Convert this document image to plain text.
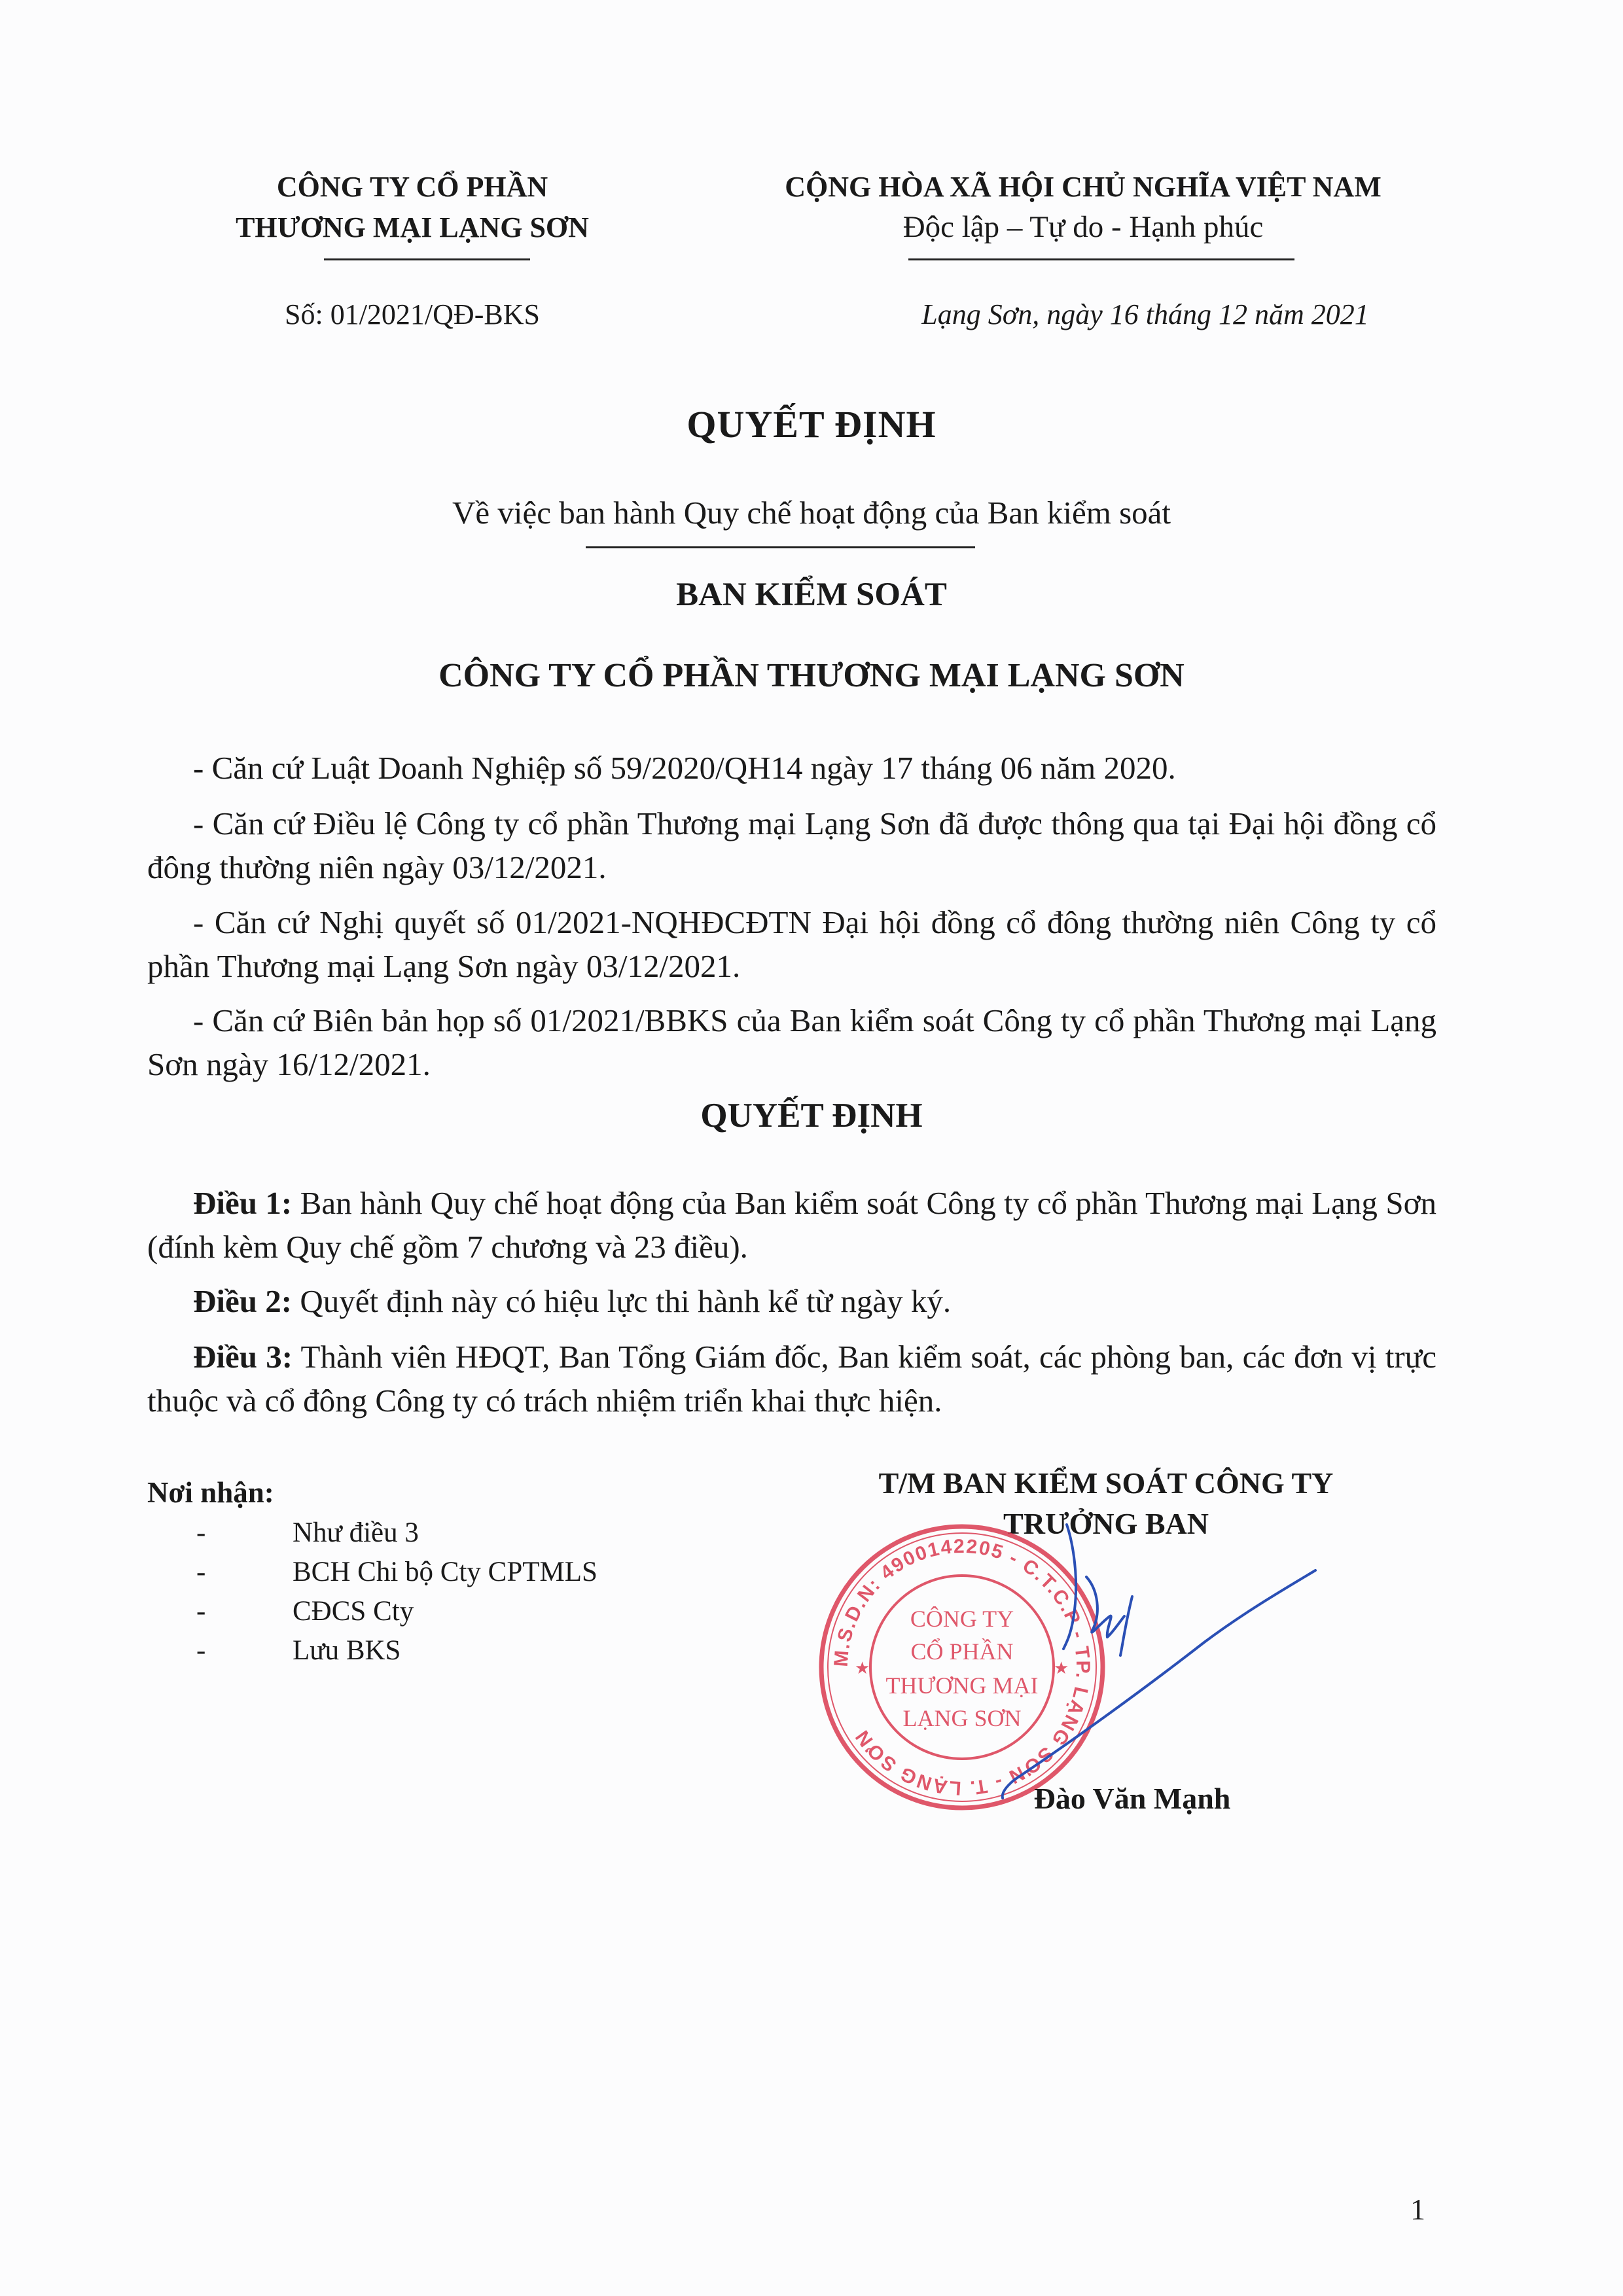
CÔNG TY CỔ PHẦN
THƯƠNG MẠI LẠNG SƠN
Số: 01/2021/QĐ-BKS
CỘNG HÒA XÃ HỘI CHỦ NGHĨA VIỆT NAM
Độc lập – Tự do - Hạnh phúc
Lạng Sơn, ngày 16 tháng 12 năm 2021
QUYẾT ĐỊNH
Về việc ban hành Quy chế hoạt động của Ban kiểm soát
BAN KIỂM SOÁT
CÔNG TY CỔ PHẦN THƯƠNG MẠI LẠNG SƠN
- Căn cứ Luật Doanh Nghiệp số 59/2020/QH14 ngày 17 tháng 06 năm 2020.
- Căn cứ Điều lệ Công ty cổ phần Thương mại Lạng Sơn đã được thông qua tại Đại hội đồng cổ đông thường niên ngày 03/12/2021.
- Căn cứ Nghị quyết số 01/2021-NQHĐCĐTN Đại hội đồng cổ đông thường niên Công ty cổ phần Thương mại Lạng Sơn ngày 03/12/2021.
- Căn cứ Biên bản họp số 01/2021/BBKS của Ban kiểm soát Công ty cổ phần Thương mại Lạng Sơn ngày 16/12/2021.
QUYẾT ĐỊNH
Điều 1: Ban hành Quy chế hoạt động của Ban kiểm soát Công ty cổ phần Thương mại Lạng Sơn (đính kèm Quy chế gồm 7 chương và 23 điều).
Điều 2: Quyết định này có hiệu lực thi hành kể từ ngày ký.
Điều 3: Thành viên HĐQT, Ban Tổng Giám đốc, Ban kiểm soát, các phòng ban, các đơn vị trực thuộc và cổ đông Công ty có trách nhiệm triển khai thực hiện.
Nơi nhận:
-	Như điều 3
-	BCH Chi bộ Cty CPTMLS
-	CĐCS Cty
-	Lưu BKS
T/M BAN KIỂM SOÁT CÔNG TY
TRƯỞNG BAN
M.S.D.N: 4900142205 - C.T.C.P - TP. LẠNG SƠN - T. LẠNG SƠN
★	★
CÔNG TY
CỔ PHẦN
THƯƠNG MẠI
LẠNG SƠN
Đào Văn Mạnh
1
